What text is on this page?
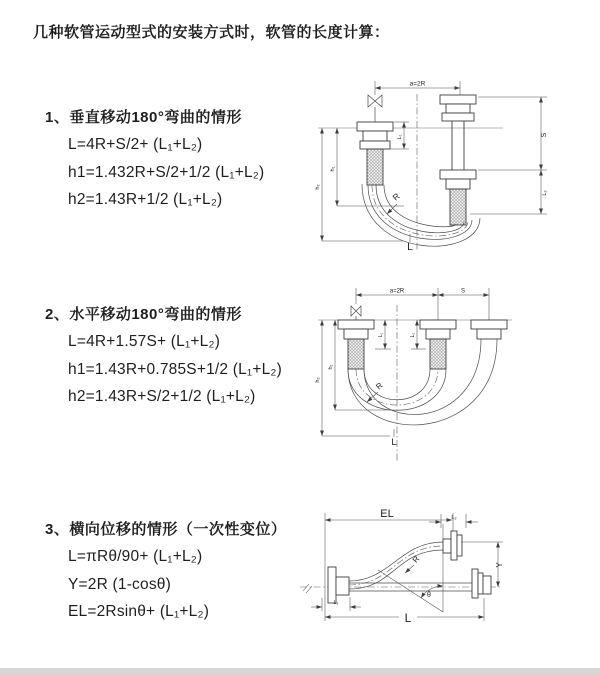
几种软管运动型式的安装方式时，软管的长度计算：
1、垂直移动180°弯曲的情形

L=4R+S/2+ (L₁+L₂)

h1=1.432R+S/2+1/2 (L₁+L₂)

h2=1.43R+1/2 (L₁+L₂)

2、水平移动180°弯曲的情形

L=4R+1.57S+ (L₁+L₂)

h1=1.43R+0.785S+1/2 (L₁+L₂)

h2=1.43R+S/2+1/2 (L₁+L₂)

3、横向位移的情形（一次性变位）

L=πRθ/90+ (L₁+L₂)

Y=2R (1-cosθ)

EL=2Rsinθ+ (L₁+L₂)

a=2R
R
L₁	S
L₂
h₁
h₂
L
a=2R	S
R
L₁	L₂
h₁
h₂
L
EL	L₂
θ
R
Y
L₁
L
